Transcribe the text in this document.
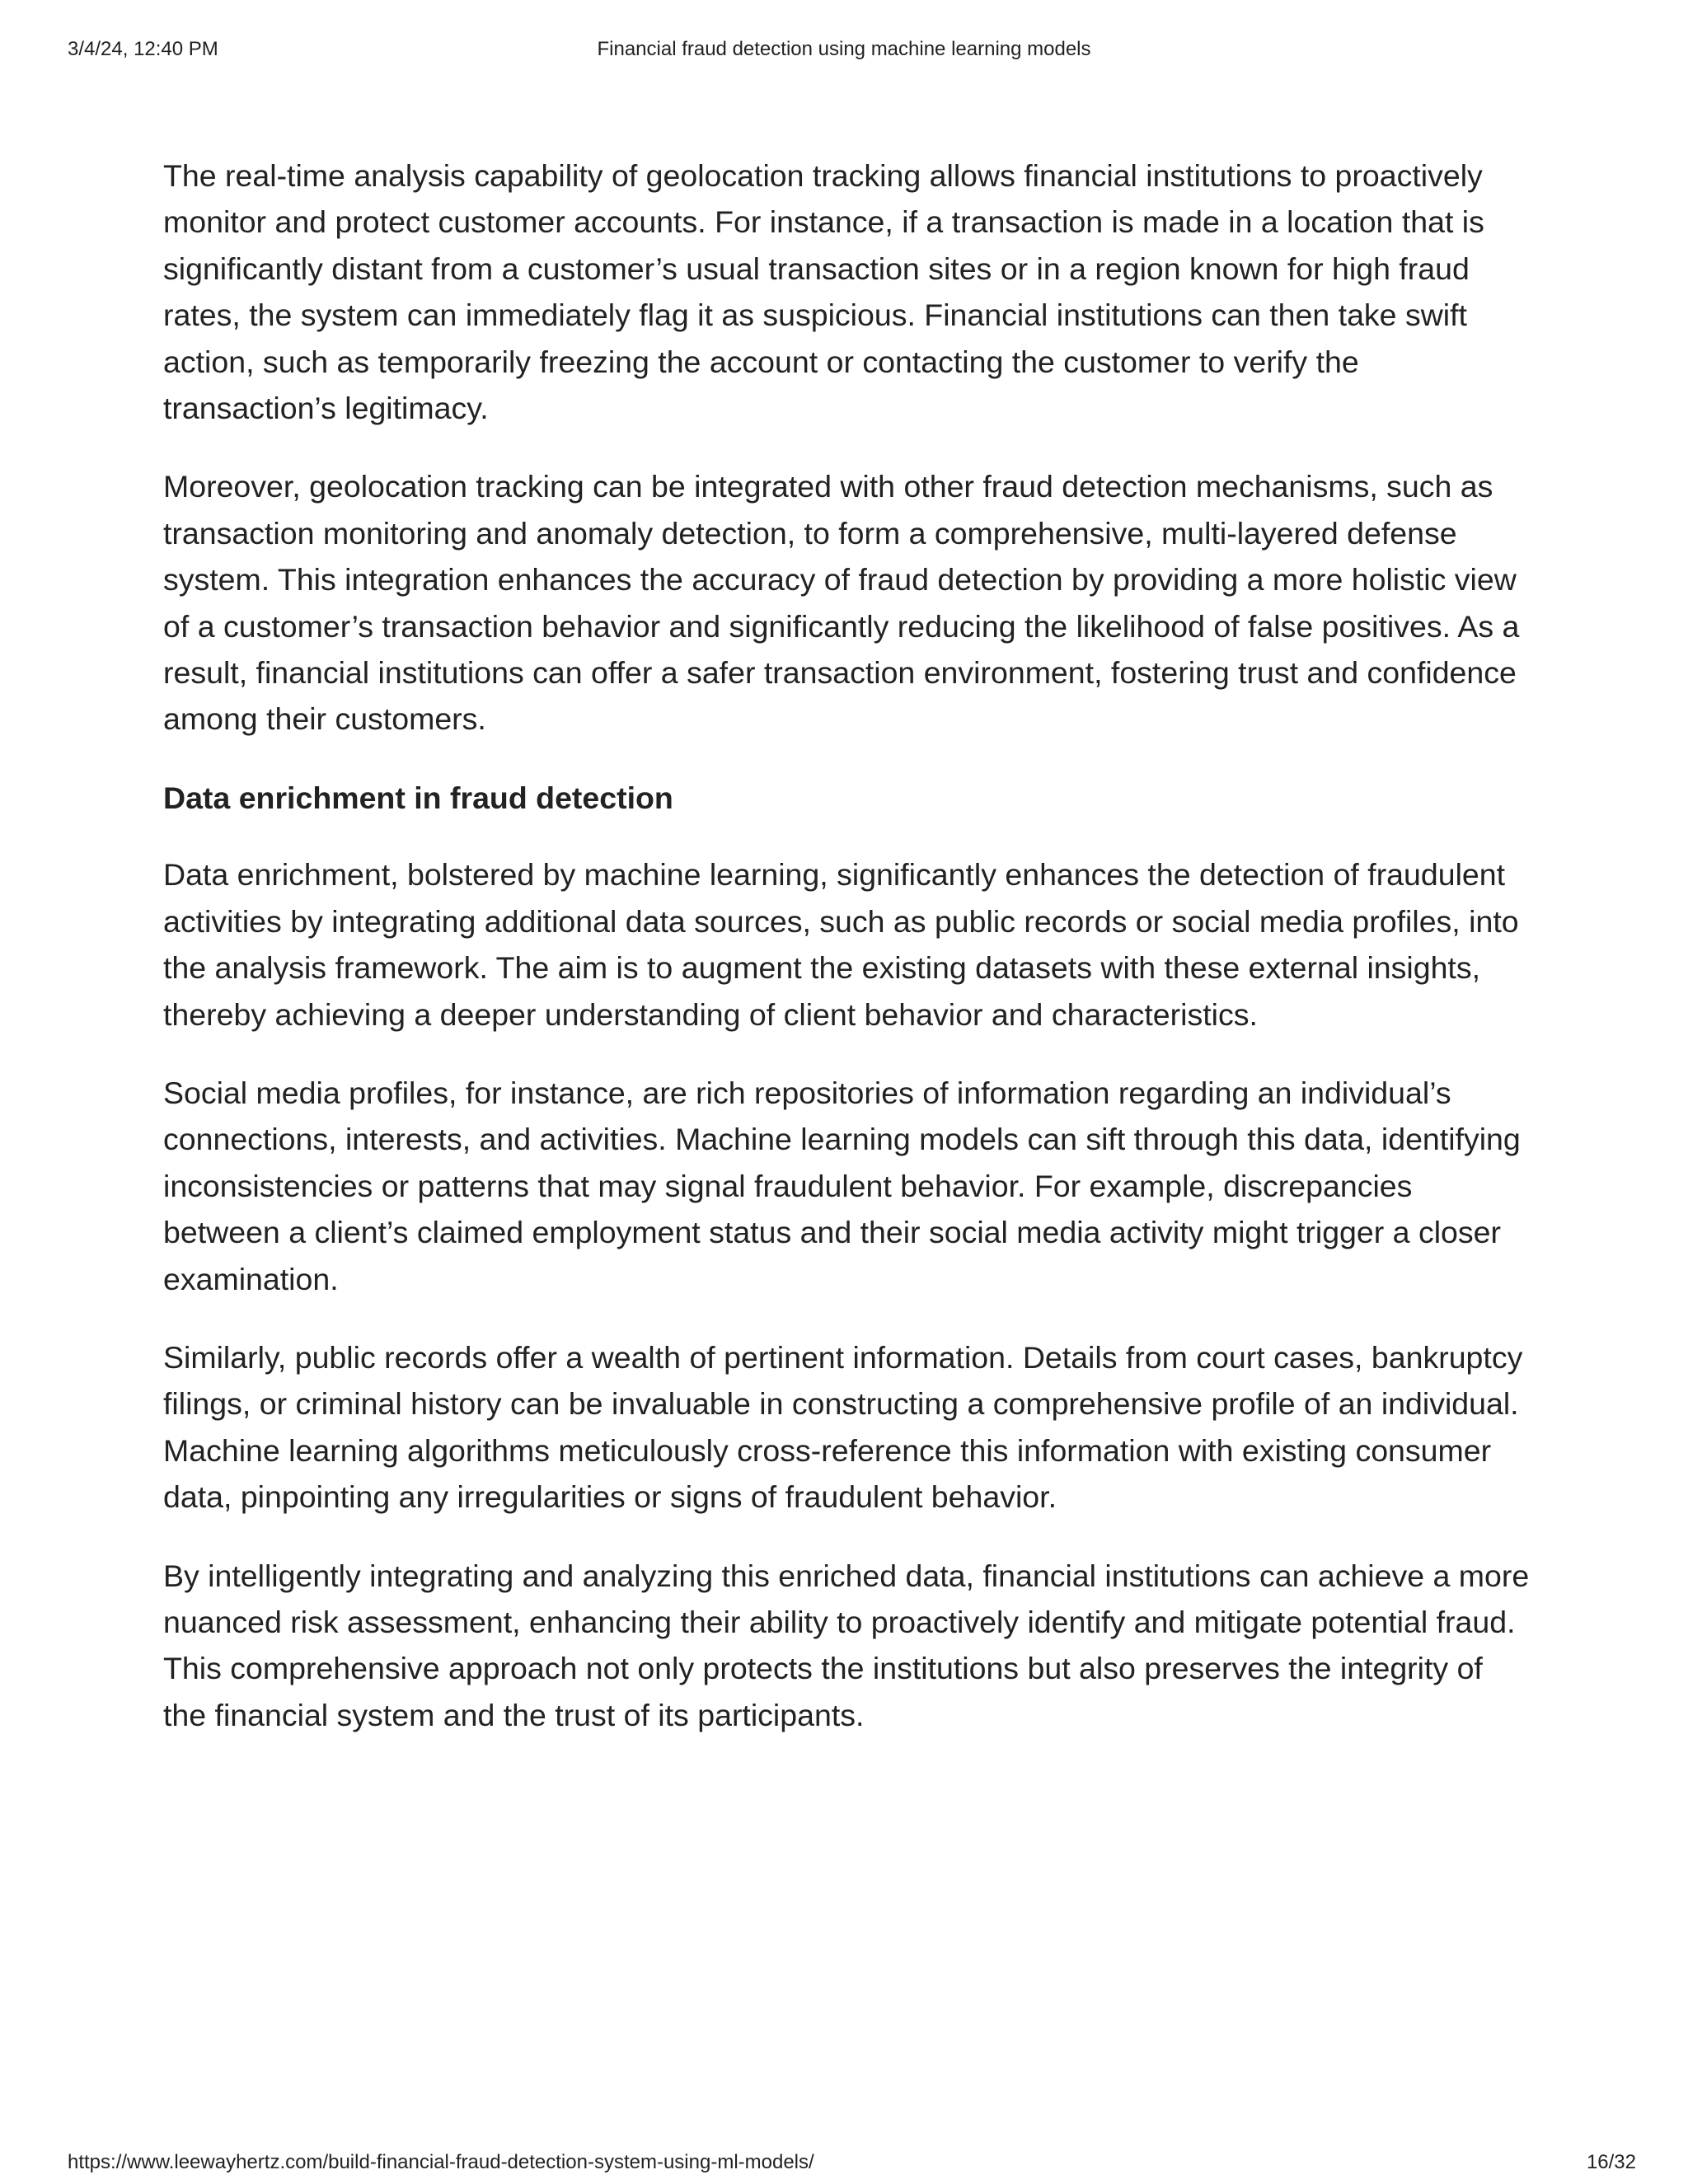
3/4/24, 12:40 PM	Financial fraud detection using machine learning models

The real-time analysis capability of geolocation tracking allows financial institutions to proactively monitor and protect customer accounts. For instance, if a transaction is made in a location that is significantly distant from a customer’s usual transaction sites or in a region known for high fraud rates, the system can immediately flag it as suspicious. Financial institutions can then take swift action, such as temporarily freezing the account or contacting the customer to verify the transaction’s legitimacy.

Moreover, geolocation tracking can be integrated with other fraud detection mechanisms, such as transaction monitoring and anomaly detection, to form a comprehensive, multi-layered defense system. This integration enhances the accuracy of fraud detection by providing a more holistic view of a customer’s transaction behavior and significantly reducing the likelihood of false positives. As a result, financial institutions can offer a safer transaction environment, fostering trust and confidence among their customers.

Data enrichment in fraud detection

Data enrichment, bolstered by machine learning, significantly enhances the detection of fraudulent activities by integrating additional data sources, such as public records or social media profiles, into the analysis framework. The aim is to augment the existing datasets with these external insights, thereby achieving a deeper understanding of client behavior and characteristics.

Social media profiles, for instance, are rich repositories of information regarding an individual’s connections, interests, and activities. Machine learning models can sift through this data, identifying inconsistencies or patterns that may signal fraudulent behavior. For example, discrepancies between a client’s claimed employment status and their social media activity might trigger a closer examination.

Similarly, public records offer a wealth of pertinent information. Details from court cases, bankruptcy filings, or criminal history can be invaluable in constructing a comprehensive profile of an individual. Machine learning algorithms meticulously cross-reference this information with existing consumer data, pinpointing any irregularities or signs of fraudulent behavior.

By intelligently integrating and analyzing this enriched data, financial institutions can achieve a more nuanced risk assessment, enhancing their ability to proactively identify and mitigate potential fraud. This comprehensive approach not only protects the institutions but also preserves the integrity of the financial system and the trust of its participants.

https://www.leewayhertz.com/build-financial-fraud-detection-system-using-ml-models/	16/32
